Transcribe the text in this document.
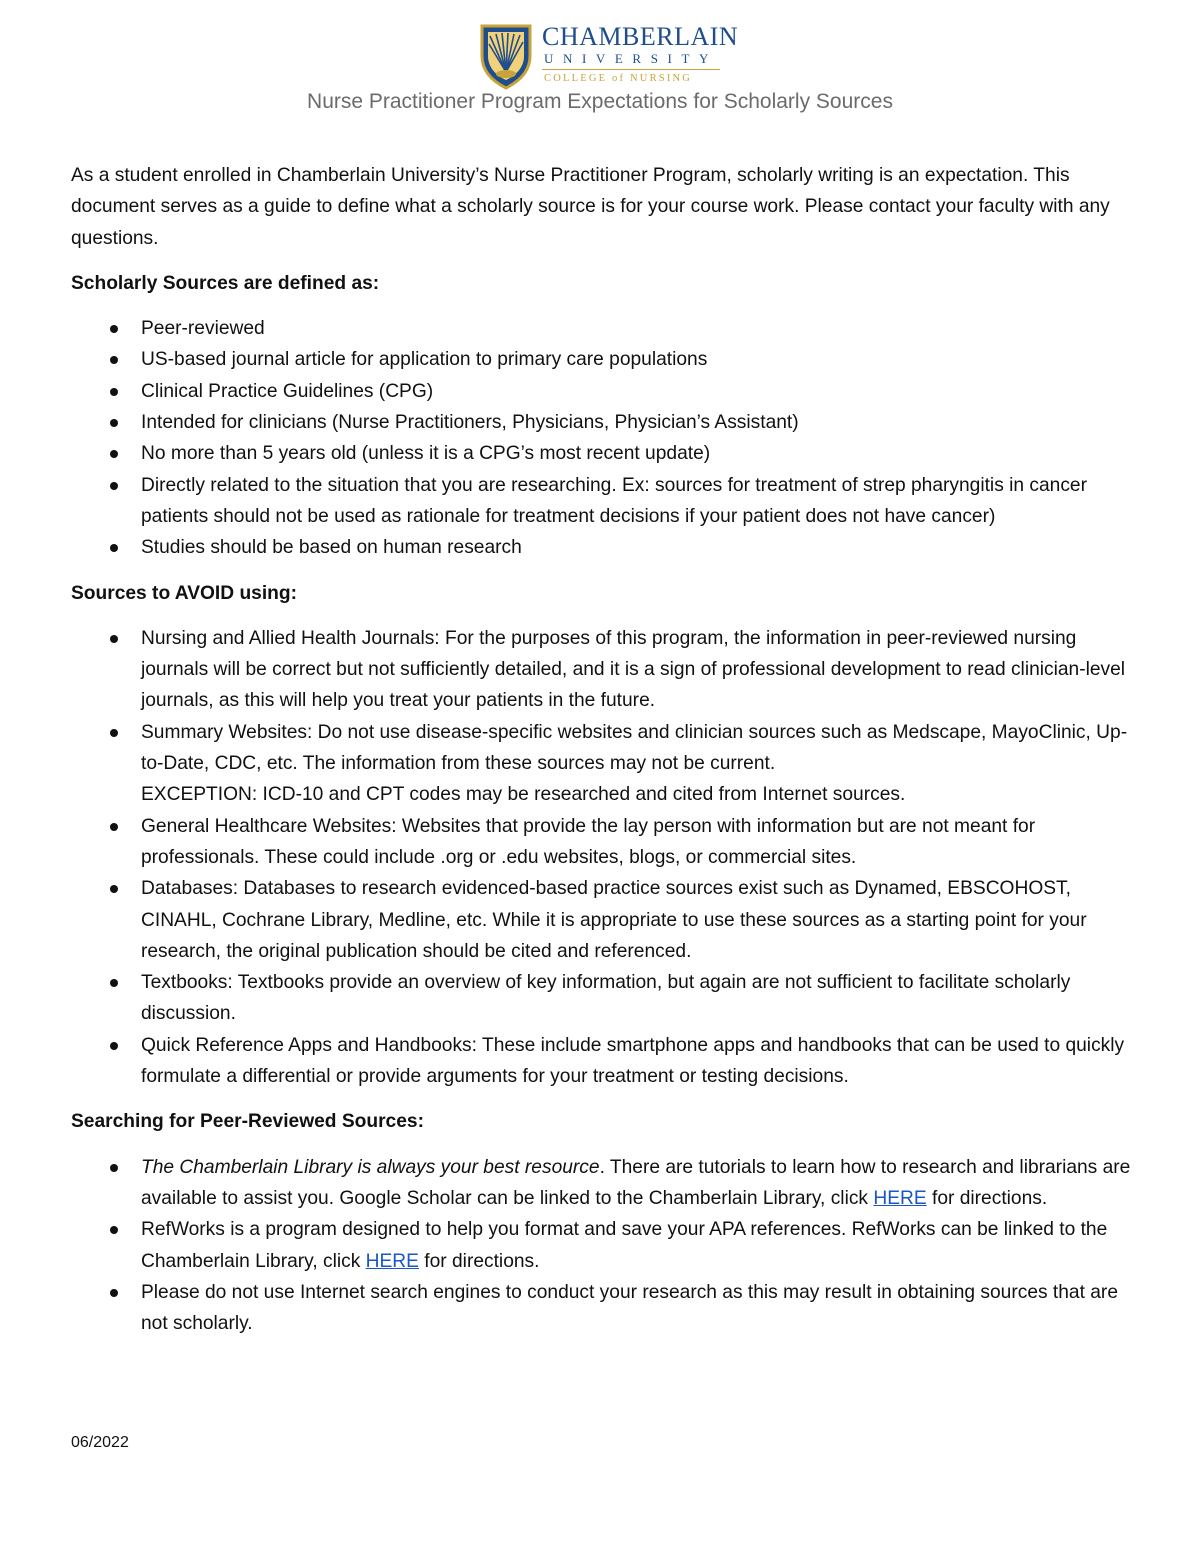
CHAMBERLAIN
UNIVERSITY
COLLEGE of NURSING
Nurse Practitioner Program Expectations for Scholarly Sources

As a student enrolled in Chamberlain University’s Nurse Practitioner Program, scholarly writing is an expectation. This document serves as a guide to define what a scholarly source is for your course work. Please contact your faculty with any questions.

Scholarly Sources are defined as:

Peer-reviewed
US-based journal article for application to primary care populations
Clinical Practice Guidelines (CPG)
Intended for clinicians (Nurse Practitioners, Physicians, Physician’s Assistant)
No more than 5 years old (unless it is a CPG’s most recent update)
Directly related to the situation that you are researching. Ex: sources for treatment of strep pharyngitis in cancer patients should not be used as rationale for treatment decisions if your patient does not have cancer)
Studies should be based on human research

Sources to AVOID using:

Nursing and Allied Health Journals: For the purposes of this program, the information in peer-reviewed nursing journals will be correct but not sufficiently detailed, and it is a sign of professional development to read clinician-level journals, as this will help you treat your patients in the future.
Summary Websites: Do not use disease-specific websites and clinician sources such as Medscape, MayoClinic, Up-to-Date, CDC, etc. The information from these sources may not be current.
EXCEPTION: ICD-10 and CPT codes may be researched and cited from Internet sources.
General Healthcare Websites: Websites that provide the lay person with information but are not meant for professionals. These could include .org or .edu websites, blogs, or commercial sites.
Databases: Databases to research evidenced-based practice sources exist such as Dynamed, EBSCOHOST, CINAHL, Cochrane Library, Medline, etc. While it is appropriate to use these sources as a starting point for your research, the original publication should be cited and referenced.
Textbooks: Textbooks provide an overview of key information, but again are not sufficient to facilitate scholarly discussion.
Quick Reference Apps and Handbooks: These include smartphone apps and handbooks that can be used to quickly formulate a differential or provide arguments for your treatment or testing decisions.

Searching for Peer-Reviewed Sources:

The Chamberlain Library is always your best resource. There are tutorials to learn how to research and librarians are available to assist you. Google Scholar can be linked to the Chamberlain Library, click HERE for directions.
RefWorks is a program designed to help you format and save your APA references. RefWorks can be linked to the Chamberlain Library, click HERE for directions.
Please do not use Internet search engines to conduct your research as this may result in obtaining sources that are not scholarly.
06/2022
